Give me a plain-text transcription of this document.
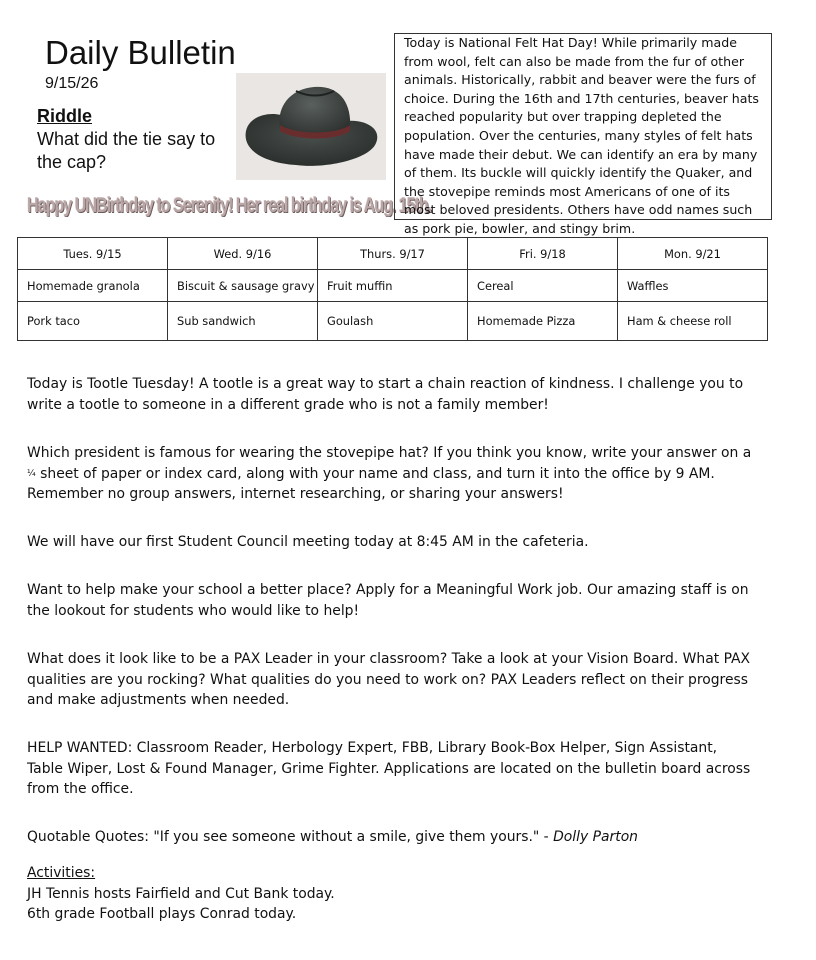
Daily Bulletin
9/15/26
Riddle
What did the tie say to the cap?
Happy UNBirthday to Serenity! Her real birthday is Aug. 15th.
Today is National Felt Hat Day! While primarily made from wool, felt can also be made from the fur of other animals. Historically, rabbit and beaver were the furs of choice. During the 16th and 17th centuries, beaver hats reached popularity but over trapping depleted the population. Over the centuries, many styles of felt hats have made their debut. We can identify an era by many of them. Its buckle will quickly identify the Quaker, and the stovepipe reminds most Americans of one of its most beloved presidents. Others have odd names such as pork pie, bowler, and stingy brim.
Tues. 9/15	Wed. 9/16	Thurs. 9/17	Fri. 9/18	Mon. 9/21
Homemade granola	Biscuit & sausage gravy	Fruit muffin	Cereal	Waffles
Pork taco	Sub sandwich	Goulash	Homemade Pizza	Ham & cheese roll
Today is Tootle Tuesday! A tootle is a great way to start a chain reaction of kindness. I challenge you to write a tootle to someone in a different grade who is not a family member!
Which president is famous for wearing the stovepipe hat? If you think you know, write your answer on a ¼ sheet of paper or index card, along with your name and class, and turn it into the office by 9 AM. Remember no group answers, internet researching, or sharing your answers!
We will have our first Student Council meeting today at 8:45 AM in the cafeteria.
Want to help make your school a better place? Apply for a Meaningful Work job. Our amazing staff is on the lookout for students who would like to help!
What does it look like to be a PAX Leader in your classroom? Take a look at your Vision Board. What PAX qualities are you rocking? What qualities do you need to work on? PAX Leaders reflect on their progress and make adjustments when needed.
HELP WANTED: Classroom Reader, Herbology Expert, FBB, Library Book-Box Helper, Sign Assistant, Table Wiper, Lost & Found Manager, Grime Fighter. Applications are located on the bulletin board across from the office.
Quotable Quotes: "If you see someone without a smile, give them yours." - Dolly Parton
Activities:
JH Tennis hosts Fairfield and Cut Bank today.
6th grade Football plays Conrad today.
